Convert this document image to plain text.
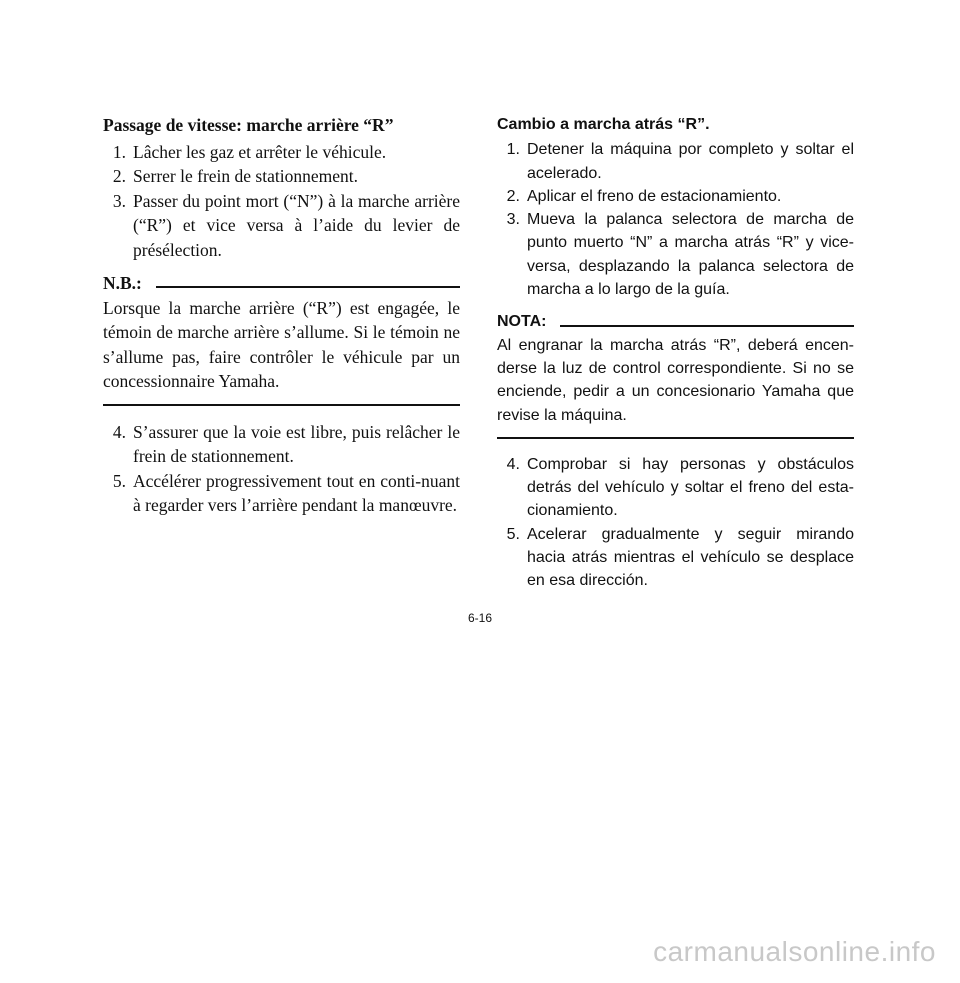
Passage de vitesse: marche arrière “R”
1. Lâcher les gaz et arrêter le véhicule.
2. Serrer le frein de stationnement.
3. Passer du point mort (“N”) à la marche arrière (“R”) et vice versa à l’aide du levier de présélection.
N.B.:
Lorsque la marche arrière (“R”) est engagée, le témoin de marche arrière s’allume. Si le témoin ne s’allume pas, faire contrôler le véhicule par un concessionnaire Yamaha.
4. S’assurer que la voie est libre, puis relâcher le frein de stationnement.
5. Accélérer progressivement tout en conti-nuant à regarder vers l’arrière pendant la manœuvre.
Cambio a marcha atrás “R”.
1. Detener la máquina por completo y soltar el acelerado.
2. Aplicar el freno de estacionamiento.
3. Mueva la palanca selectora de marcha de punto muerto “N” a marcha atrás “R” y vice-versa, desplazando la palanca selectora de marcha a lo largo de la guía.
NOTA:
Al engranar la marcha atrás “R”, deberá encen-derse la luz de control correspondiente. Si no se enciende, pedir a un concesionario Yamaha que revise la máquina.
4. Comprobar si hay personas y obstáculos detrás del vehículo y soltar el freno del esta-cionamiento.
5. Acelerar gradualmente y seguir mirando hacia atrás mientras el vehículo se desplace en esa dirección.
6-16
carmanualsonline.info
